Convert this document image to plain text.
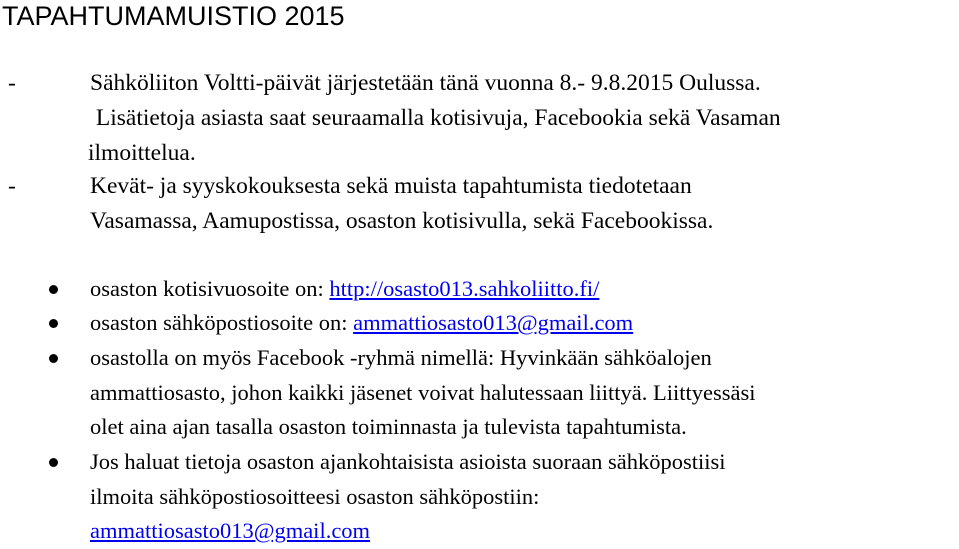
TAPAHTUMAMUISTIO 2015
-	Sähköliiton Voltti-päivät järjestetään tänä vuonna 8.- 9.8.2015 Oulussa.
Lisätietoja asiasta saat seuraamalla kotisivuja, Facebookia sekä Vasaman
ilmoittelua.
-	Kevät- ja syyskokouksesta sekä muista tapahtumista tiedotetaan
Vasamassa, Aamupostissa, osaston kotisivulla, sekä Facebookissa.
osaston kotisivuosoite on: http://osasto013.sahkoliitto.fi/
osaston sähköpostiosoite on: ammattiosasto013@gmail.com
osastolla on myös Facebook -ryhmä nimellä: Hyvinkään sähköalojen
ammattiosasto, johon kaikki jäsenet voivat halutessaan liittyä. Liittyessäsi
olet aina ajan tasalla osaston toiminnasta ja tulevista tapahtumista.
Jos haluat tietoja osaston ajankohtaisista asioista suoraan sähköpostiisi
ilmoita sähköpostiosoitteesi osaston sähköpostiin:
ammattiosasto013@gmail.com
